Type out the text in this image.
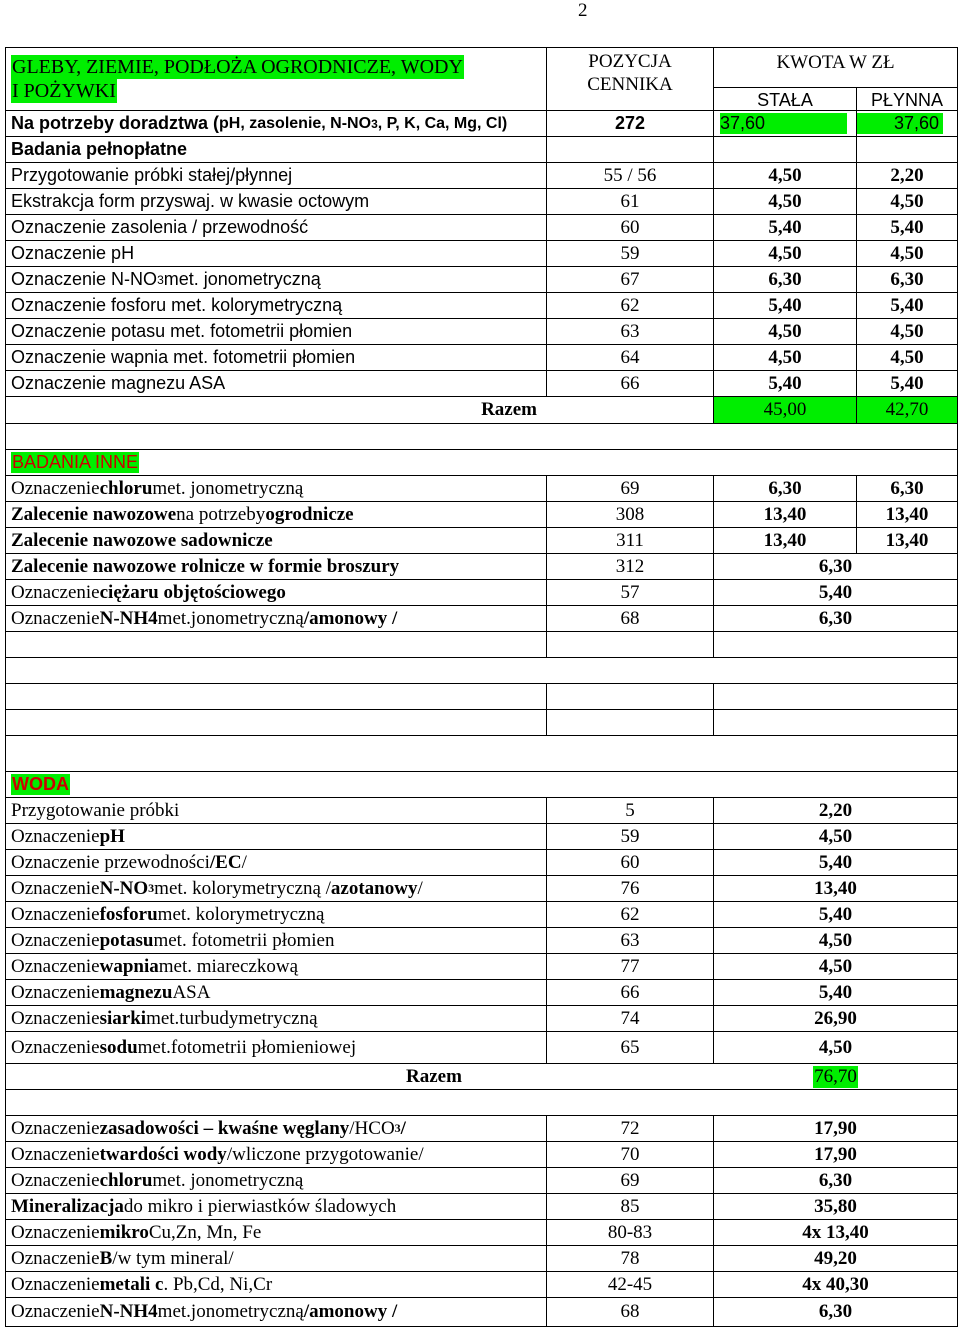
2
GLEBY, ZIEMIE, PODŁOŻA OGRODNICZE, WODY
I POŻYWKI
POZYCJA
CENNIKA
KWOTA W ZŁ
STAŁA	PŁYNNA
Na potrzeby doradztwa ( pH, zasolenie, N-NO 3 , P, K, Ca, Mg, Cl)	272	37,60	37,60
Badania pełnopłatne
Przygotowanie próbki stałej/płynnej	55 / 56	4,50	2,20
Ekstrakcja form przyswaj. w kwasie octowym	61	4,50	4,50
Oznaczenie zasolenia / przewodność	60	5,40	5,40
Oznaczenie pH	59	4,50	4,50
Oznaczenie N-NO 3 met. jonometryczną	67	6,30	6,30
Oznaczenie fosforu met. kolorymetryczną	62	5,40	5,40
Oznaczenie potasu met. fotometrii płomien	63	4,50	4,50
Oznaczenie wapnia met. fotometrii płomien	64	4,50	4,50
Oznaczenie magnezu ASA	66	5,40	5,40
Razem	45,00	42,70
BADANIA INNE
Oznaczenie chloru met. jonometryczną	69	6,30	6,30
Zalecenie nawozowe na potrzeby ogrodnicze	308	13,40	13,40
Zalecenie nawozowe sadownicze	311	13,40	13,40
Zalecenie nawozowe rolnicze w formie broszury	312	6,30
Oznaczenie ciężaru objętościowego	57	5,40
Oznaczenie N-NH4 met.jonometryczną /amonowy /	68	6,30
WODA
Przygotowanie próbki	5	2,20
Oznaczenie pH	59	4,50
Oznaczenie przewodności /EC /	60	5,40
Oznaczenie N-NO 3 met. kolorymetryczną / azotanowy /	76	13,40
Oznaczenie fosforu met. kolorymetryczną	62	5,40
Oznaczenie potasu met. fotometrii płomien	63	4,50
Oznaczenie wapnia met. miareczkową	77	4,50
Oznaczenie magnezu ASA	66	5,40
Oznaczenie siarki met.turbudymetryczną	74	26,90
Oznaczenie sodu met.fotometrii płomieniowej	65	4,50
Razem	76,70
Oznaczenie zasadowości – kwaśne węglany /HCO 3 /	72	17,90
Oznaczenie twardości wody /wliczone przygotowanie/	70	17,90
Oznaczenie chloru met. jonometryczną	69	6,30
Mineralizacja do mikro i pierwiastków śladowych	85	35,80
Oznaczenie mikro Cu,Zn, Mn, Fe	80-83	4x 13,40
Oznaczenie B /w tym mineral/	78	49,20
Oznaczenie metali c . Pb,Cd, Ni,Cr	42-45	4x 40,30
Oznaczenie N-NH4 met.jonometryczną /amonowy /	68	6,30
